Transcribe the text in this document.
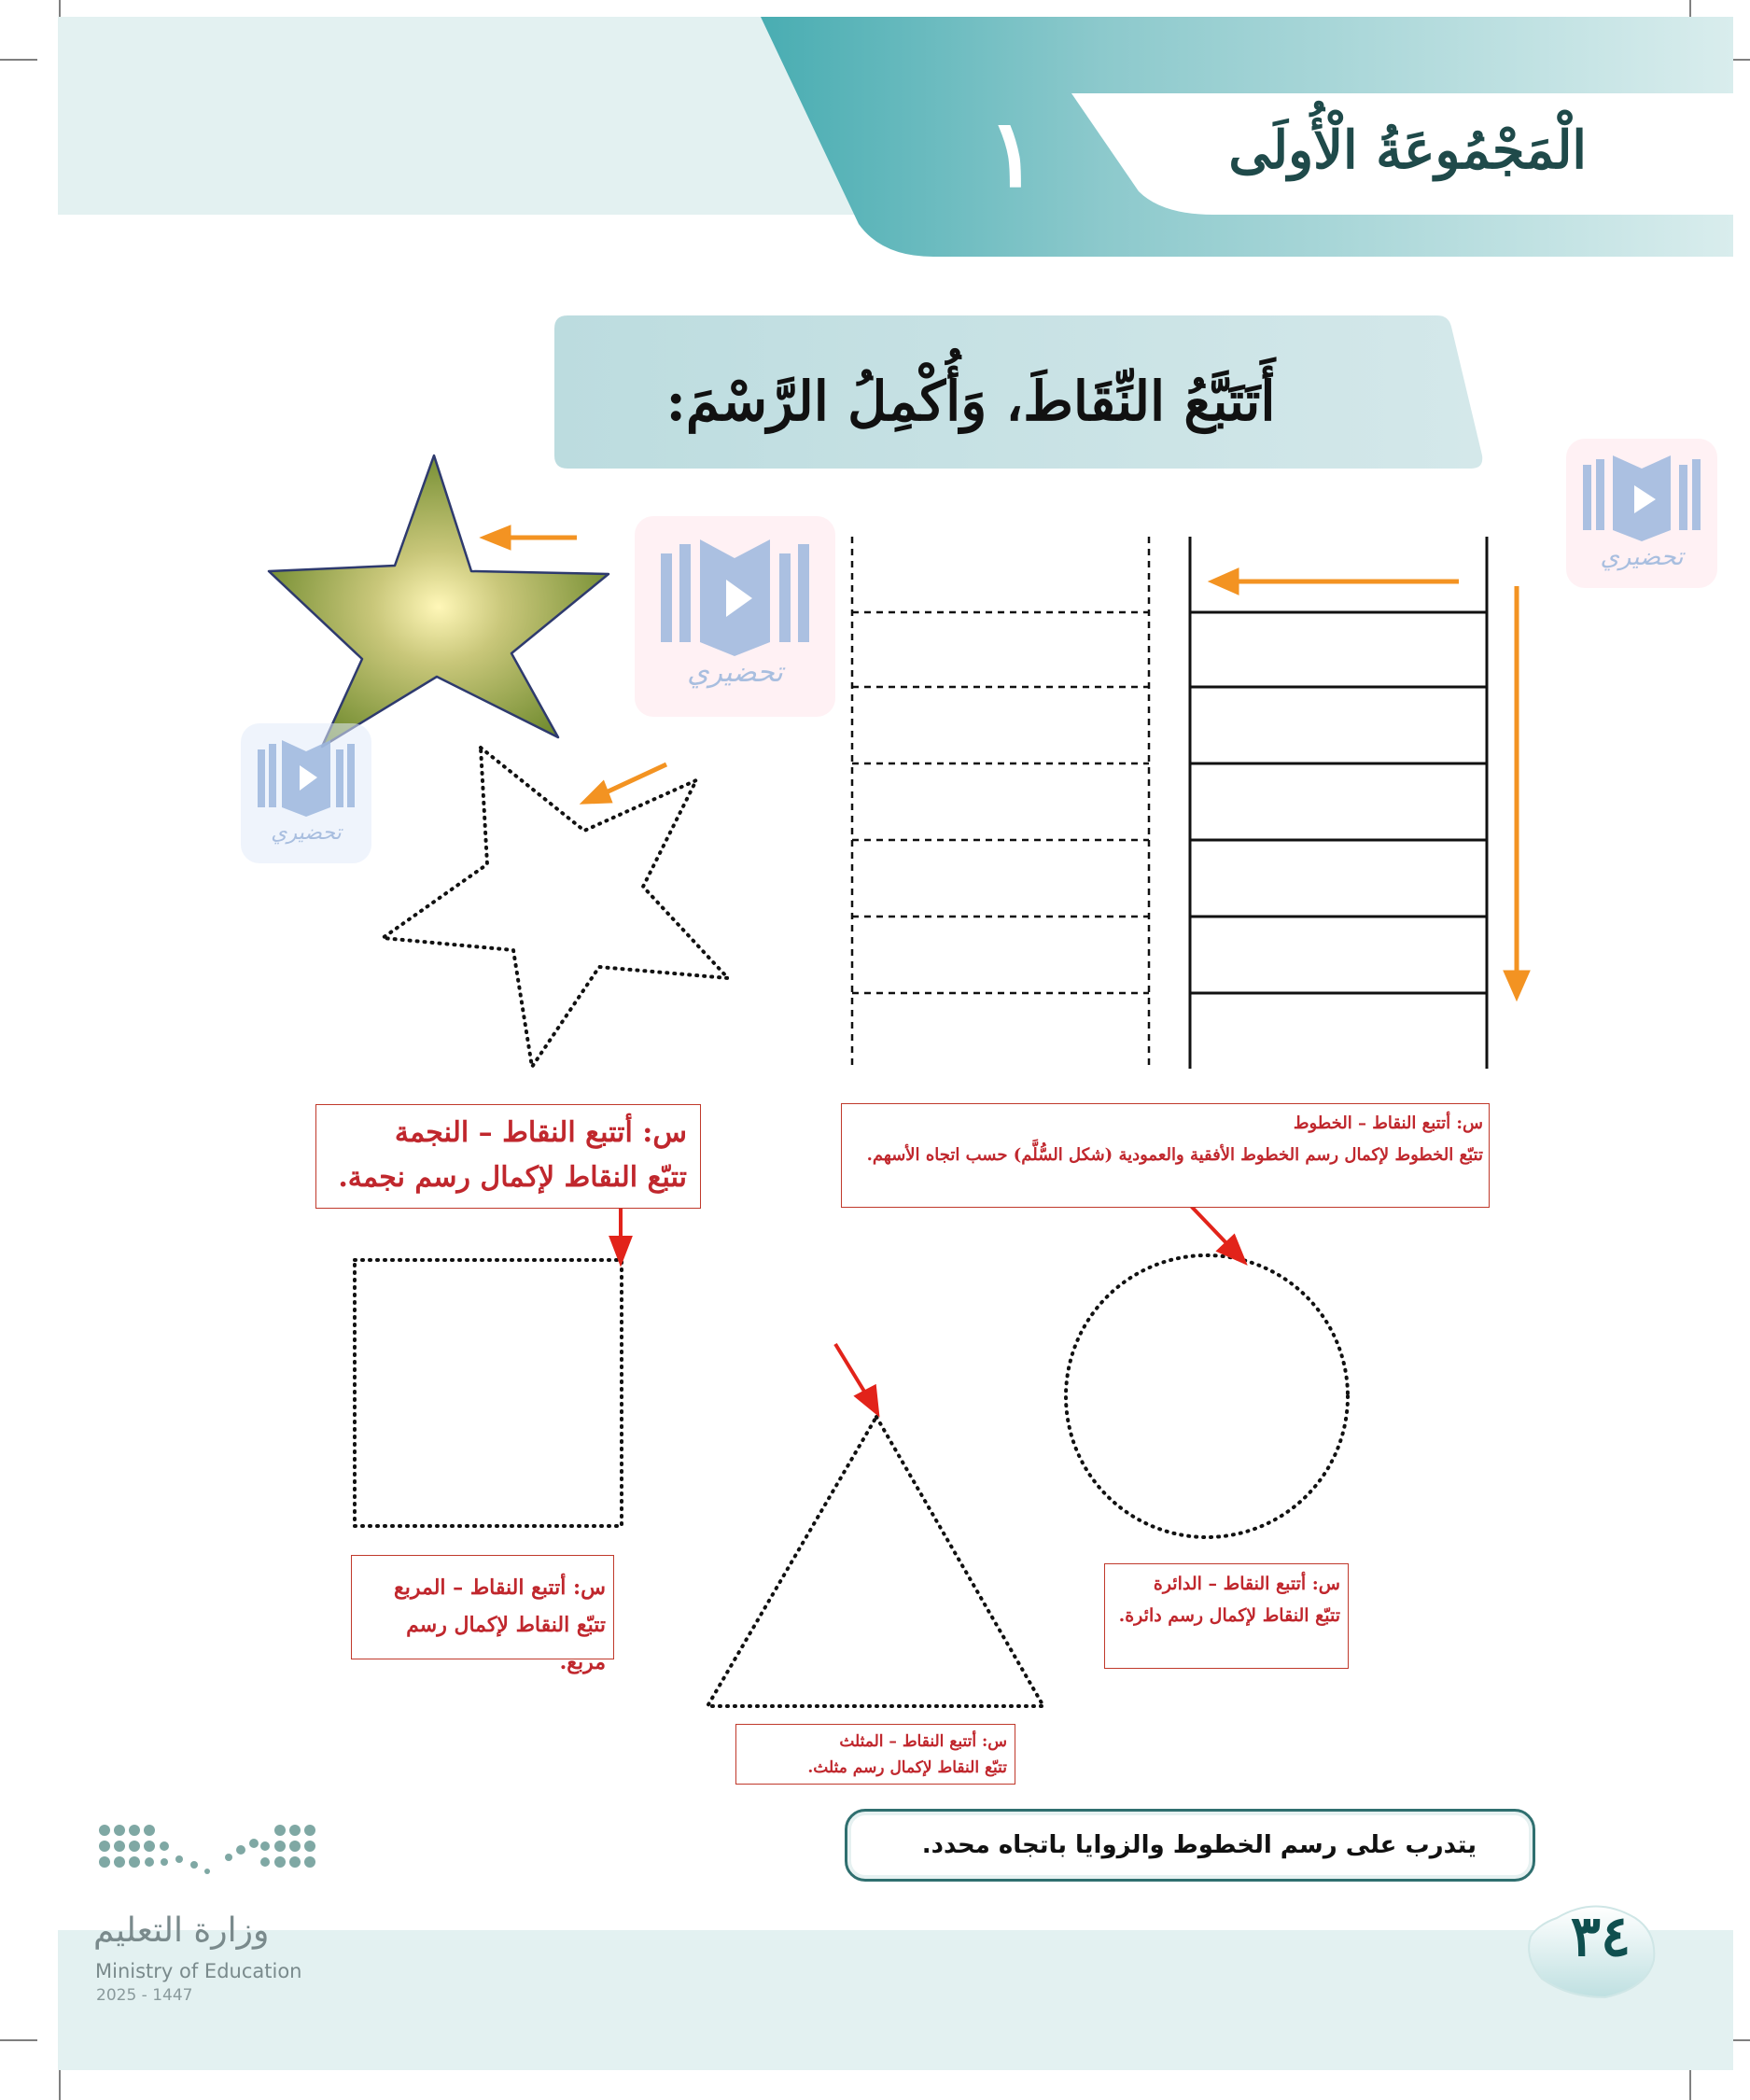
تحضيري
تحضيري
تحضيري
١	الْمَجْمُوعَةُ الْأُولَى
أَتَتَبَّعُ النِّقَاطَ، وَأُكْمِلُ الرَّسْمَ:
س: أتتبع النقاط – النجمة
تتبّع النقاط لإكمال رسم نجمة.
س: أتتبع النقاط – الخطوط
تتبّع الخطوط لإكمال رسم الخطوط الأفقية والعمودية (شكل السُّلَّم) حسب اتجاه الأسهم.
س: أتتبع النقاط – المربع
تتبّع النقاط لإكمال رسم مربع.
س: أتتبع النقاط – المثلث
تتبّع النقاط لإكمال رسم مثلث.
س: أتتبع النقاط – الدائرة
تتبّع النقاط لإكمال رسم دائرة.
يتدرب على رسم الخطوط والزوايا باتجاه محدد.
٣٤
وزارة التعليم
Ministry of Education
2025 - 1447
